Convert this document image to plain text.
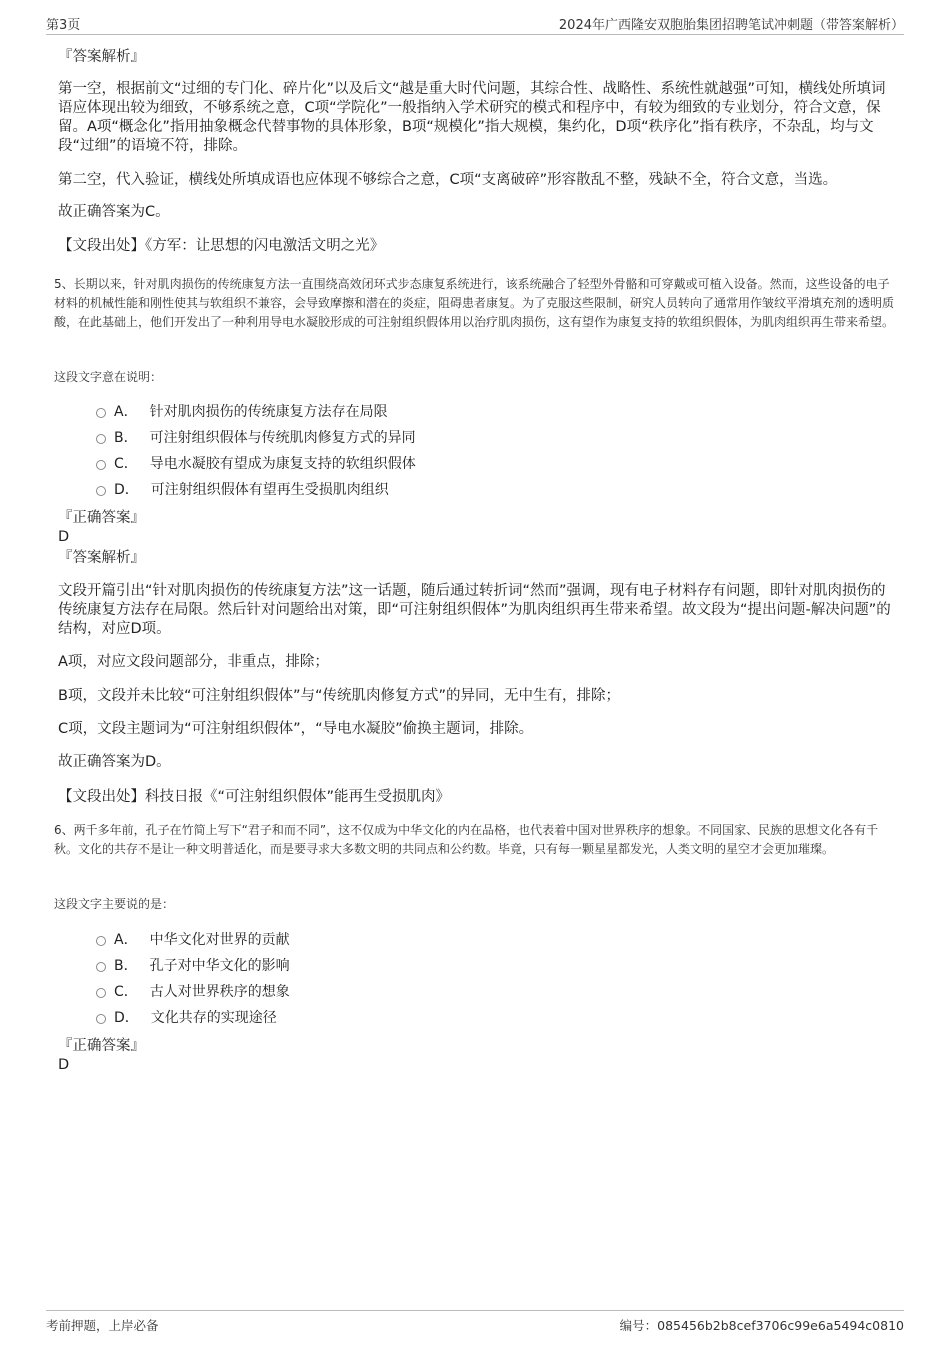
第3页	2024年广西隆安双胞胎集团招聘笔试冲刺题（带答案解析）

『答案解析』

第一空，根据前文“过细的专门化、碎片化”以及后文“越是重大时代问题，其综合性、战略性、系统性就越强”可知，横线处所填词语应体现出较为细致，不够系统之意，C项“学院化”一般指纳入学术研究的模式和程序中，有较为细致的专业划分，符合文意，保留。A项“概念化”指用抽象概念代替事物的具体形象，B项“规模化”指大规模，集约化，D项“秩序化”指有秩序，不杂乱，均与文段“过细”的语境不符，排除。

第二空，代入验证，横线处所填成语也应体现不够综合之意，C项“支离破碎”形容散乱不整，残缺不全，符合文意，当选。

故正确答案为C。

【文段出处】《方军：让思想的闪电激活文明之光》

5、长期以来，针对肌肉损伤的传统康复方法一直围绕高效闭环式步态康复系统进行，该系统融合了轻型外骨骼和可穿戴或可植入设备。然而，这些设备的电子材料的机械性能和刚性使其与软组织不兼容，会导致摩擦和潜在的炎症，阻碍患者康复。为了克服这些限制，研究人员转向了通常用作皱纹平滑填充剂的透明质酸，在此基础上，他们开发出了一种利用导电水凝胶形成的可注射组织假体用以治疗肌肉损伤，这有望作为康复支持的软组织假体，为肌肉组织再生带来希望。

这段文字意在说明：

A． 针对肌肉损伤的传统康复方法存在局限
B． 可注射组织假体与传统肌肉修复方式的异同
C． 导电水凝胶有望成为康复支持的软组织假体
D． 可注射组织假体有望再生受损肌肉组织

『正确答案』

D

『答案解析』

文段开篇引出“针对肌肉损伤的传统康复方法”这一话题，随后通过转折词“然而”强调，现有电子材料存有问题，即针对肌肉损伤的传统康复方法存在局限。然后针对问题给出对策，即“可注射组织假体”为肌肉组织再生带来希望。故文段为“提出问题-解决问题”的结构，对应D项。

A项，对应文段问题部分，非重点，排除；

B项，文段并未比较“可注射组织假体”与“传统肌肉修复方式”的异同，无中生有，排除；

C项，文段主题词为“可注射组织假体”，“导电水凝胶”偷换主题词，排除。

故正确答案为D。

【文段出处】科技日报《“可注射组织假体”能再生受损肌肉》

6、两千多年前，孔子在竹简上写下“君子和而不同”，这不仅成为中华文化的内在品格，也代表着中国对世界秩序的想象。不同国家、民族的思想文化各有千秋。文化的共存不是让一种文明普适化，而是要寻求大多数文明的共同点和公约数。毕竟，只有每一颗星星都发光，人类文明的星空才会更加璀璨。

这段文字主要说的是：

A． 中华文化对世界的贡献
B． 孔子对中华文化的影响
C． 古人对世界秩序的想象
D． 文化共存的实现途径

『正确答案』

D

考前押题，上岸必备	编号：085456b2b8cef3706c99e6a5494c0810
